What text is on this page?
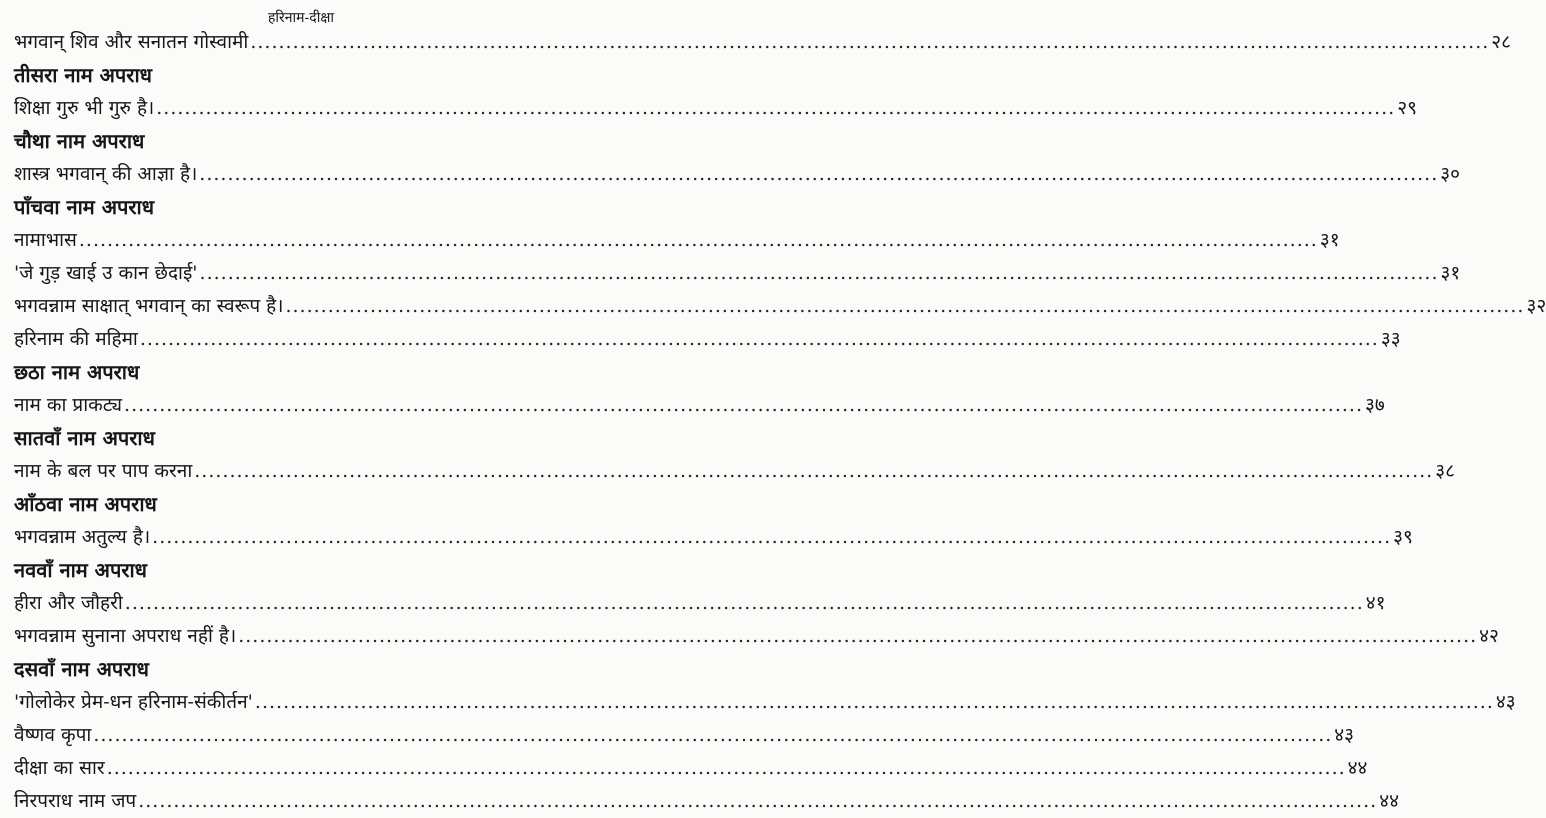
हरिनाम-दीक्षा
भगवान् शिव और सनातन गोस्वामी .....	२८
तीसरा नाम अपराध
शिक्षा गुरु भी गुरु है। .....	२९
चौथा नाम अपराध
शास्त्र भगवान् की आज्ञा है। .....	३०
पाँचवा नाम अपराध
नामाभास .....	३१
'जे गुड़ खाई उ कान छेदाई' .....	३१
भगवन्नाम साक्षात् भगवान् का स्वरूप है। .....	३२
हरिनाम की महिमा .....	३३
छठा नाम अपराध
नाम का प्राकट्य .....	३७
सातवाँ नाम अपराध
नाम के बल पर पाप करना .....	३८
आँठवा नाम अपराध
भगवन्नाम अतुल्य है। .....	३९
नववाँ नाम अपराध
हीरा और जौहरी .....	४१
भगवन्नाम सुनाना अपराध नहीं है। .....	४२
दसवाँ नाम अपराध
'गोलोकेर प्रेम-धन हरिनाम-संकीर्तन' .....	४३
वैष्णव कृपा .....	४३
दीक्षा का सार .....	४४
निरपराध नाम जप .....	४४
